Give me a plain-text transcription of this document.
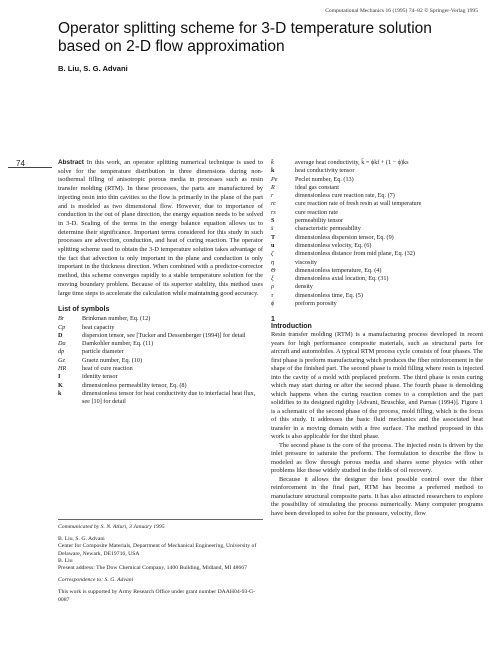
Computational Mechanics 16 (1995) 74–82 © Springer-Verlag 1995
Operator splitting scheme for 3-D temperature solution based on 2-D flow approximation
B. Liu, S. G. Advani
74	Abstract In this work, an operator splitting numerical technique is used to solve for the temperature distribution in three dimensions during non-isothermal filling of anisotropic porous media in processes such as resin transfer molding (RTM). In these processes, the parts are manufactured by injecting resin into thin cavities so the flow is primarily in the plane of the part and is modeled as two dimensional flow. However, due to importance of conduction in the out of plane direction, the energy equation needs to be solved in 3-D. Scaling of the terms in the energy balance equation allows us to determine their significance. Important terms considered for this study in such processes are advection, conduction, and heat of curing reaction. The operator splitting scheme used to obtain the 3-D temperature solution takes advantage of the fact that advection is only important in the plane and conduction is only important in the thickness direction. When combined with a predictor-corrector method, this scheme converges rapidly to a stable temperature solution for the moving boundary problem. Because of its superior stability, this method uses large time steps to accelerate the calculation while maintaining good accuracy.

List of symbols
Br	Brinkman number, Eq. (12)
Cp	heat capacity
D	dispersion tensor, see [Tucker and Dessenberger (1994)] for detail
Da	Damkohler number, Eq. (11)
dp	particle diameter
Gz	Graetz number, Eq. (10)
HR	heat of cure reaction
I	identity tensor
K	dimensionless permeability tensor, Eq. (8)
k	dimensionless tensor for heat conductivity due to interfacial heat flux, see [10] for detail
k̄	average heat conductivity, k̄ = ϕkf + (1 − ϕ)ks
k	heat conductivity tensor
Pe	Peclet number, Eq. (13)
R	ideal gas constant
r	dimensionless cure reaction rate, Eq. (7)
rc	cure reaction rate of fresh resin at wall temperature
rs	cure reaction rate
S	permeability tensor
s̄	characteristic permeability
T	dimensionless dispersion tensor, Eq. (9)
u	dimensionless velocity, Eq. (6)
ζ	dimensionless distance from mid plane, Eq. (32)
η	viscosity
Θ	dimensionless temperature, Eq. (4)
ξ	dimensionless axial location, Eq. (31)
ρ	density
τ	dimensionless time, Eq. (5)
ϕ	preform porosity
1
Introduction

Resin transfer molding (RTM) is a manufacturing process developed in recent years for high performance composite materials, such as structural parts for aircraft and automobiles. A typical RTM process cycle consists of four phases. The first phase is preform manufacturing which produces the fiber reinforcement in the shape of the finished part. The second phase is mold filling where resin is injected into the cavity of a mold with preplaced preform. The third phase is resin curing which may start during or after the second phase. The fourth phase is demolding which happens when the curing reaction comes to a completion and the part solidifies to its designed rigidity [Advani, Bruschke, and Parnas (1994)]. Figure 1 is a schematic of the second phase of the process, mold filling, which is the focus of this study. It addresses the basic fluid mechanics and the associated heat transfer in a moving domain with a free surface. The method proposed in this work is also applicable for the third phase.

The second phase is the core of the process. The injected resin is driven by the inlet pressure to saturate the preform. The formulation to describe the flow is modeled as flow through porous media and shares some physics with other problems like those widely studied in the fields of oil recovery.

Because it allows the designer the best possible control over the fiber reinforcement in the final part, RTM has become a preferred method to manufacture structural composite parts. It has also attracted researchers to explore the possibility of simulating the process numerically. Many computer programs have been developed to solve for the pressure, velocity, flow

Communicated by S. N. Atluri, 3 January 1995

B. Liu, S. G. Advani
Center for Composite Materials, Department of Mechanical Engineering, University of Delaware, Newark, DE19716, USA
B. Liu
Present address: The Dow Chemical Company, 1400 Building, Midland, MI 48667

Correspondence to: S. G. Advani

This work is supported by Army Research Office under grant number DAAH04-93-G-0087
